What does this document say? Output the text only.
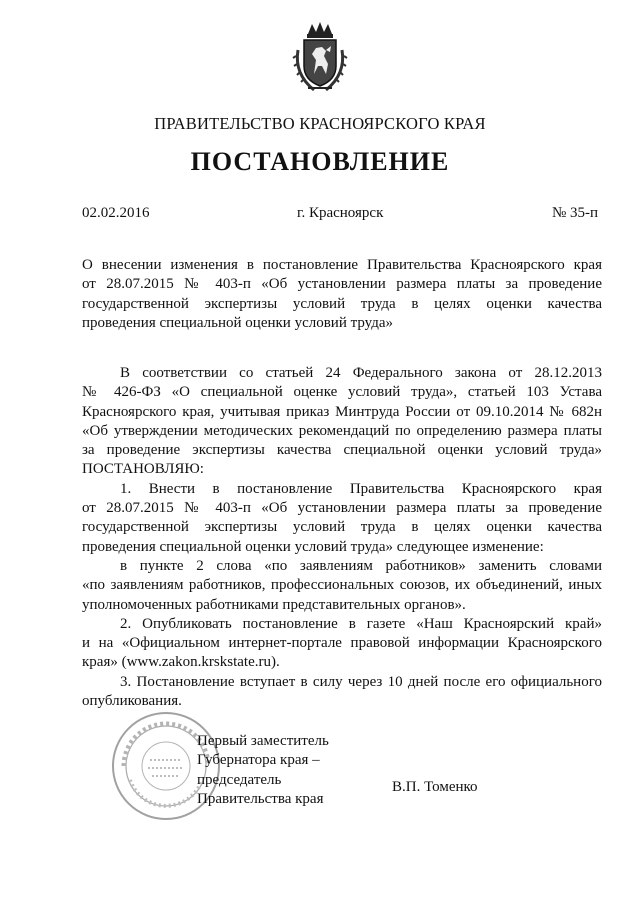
ПРАВИТЕЛЬСТВО КРАСНОЯРСКОГО КРАЯ
ПОСТАНОВЛЕНИЕ
02.02.2016	г. Красноярск	№ 35-п
О внесении изменения в постановление Правительства Красноярского края
от 28.07.2015 № 403-п «Об установлении размера платы за проведение
государственной экспертизы условий труда в целях оценки качества
проведения специальной оценки условий труда»
В соответствии со статьей 24 Федерального закона от 28.12.2013
№ 426-ФЗ «О специальной оценке условий труда», статьей 103 Устава
Красноярского края, учитывая приказ Минтруда России от 09.10.2014 № 682н
«Об утверждении методических рекомендаций по определению размера платы
за проведение экспертизы качества специальной оценки условий труда»
ПОСТАНОВЛЯЮ:
1. Внести в постановление Правительства Красноярского края
от 28.07.2015 № 403-п «Об установлении размера платы за проведение
государственной экспертизы условий труда в целях оценки качества
проведения специальной оценки условий труда» следующее изменение:
в пункте 2 слова «по заявлениям работников» заменить словами
«по заявлениям работников, профессиональных союзов, их объединений, иных
уполномоченных работниками представительных органов».
2. Опубликовать постановление в газете «Наш Красноярский край»
и на «Официальном интернет-портале правовой информации Красноярского
края» (www.zakon.krskstate.ru).
3. Постановление вступает в силу через 10 дней после его официального
опубликования.
Первый заместитель
Губернатора края –
председатель
Правительства края
В.П. Томенко
